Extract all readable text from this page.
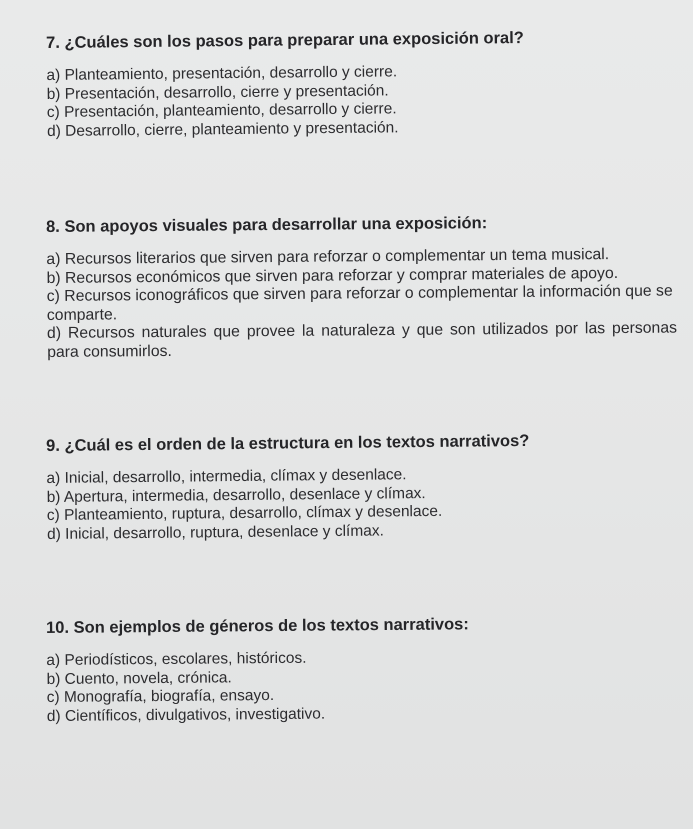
7. ¿Cuáles son los pasos para preparar una exposición oral?
a) Planteamiento, presentación, desarrollo y cierre.
b) Presentación, desarrollo, cierre y presentación.
c) Presentación, planteamiento, desarrollo y cierre.
d) Desarrollo, cierre, planteamiento y presentación.
8. Son apoyos visuales para desarrollar una exposición:
a) Recursos literarios que sirven para reforzar o complementar un tema musical.
b) Recursos económicos que sirven para reforzar y comprar materiales de apoyo.
c) Recursos iconográficos que sirven para reforzar o complementar la información que se comparte.
d) Recursos naturales que provee la naturaleza y que son utilizados por las personas para consumirlos.
9. ¿Cuál es el orden de la estructura en los textos narrativos?
a) Inicial, desarrollo, intermedia, clímax y desenlace.
b) Apertura, intermedia, desarrollo, desenlace y clímax.
c) Planteamiento, ruptura, desarrollo, clímax y desenlace.
d) Inicial, desarrollo, ruptura, desenlace y clímax.
10. Son ejemplos de géneros de los textos narrativos:
a) Periodísticos, escolares, históricos.
b) Cuento, novela, crónica.
c) Monografía, biografía, ensayo.
d) Científicos, divulgativos, investigativo.
